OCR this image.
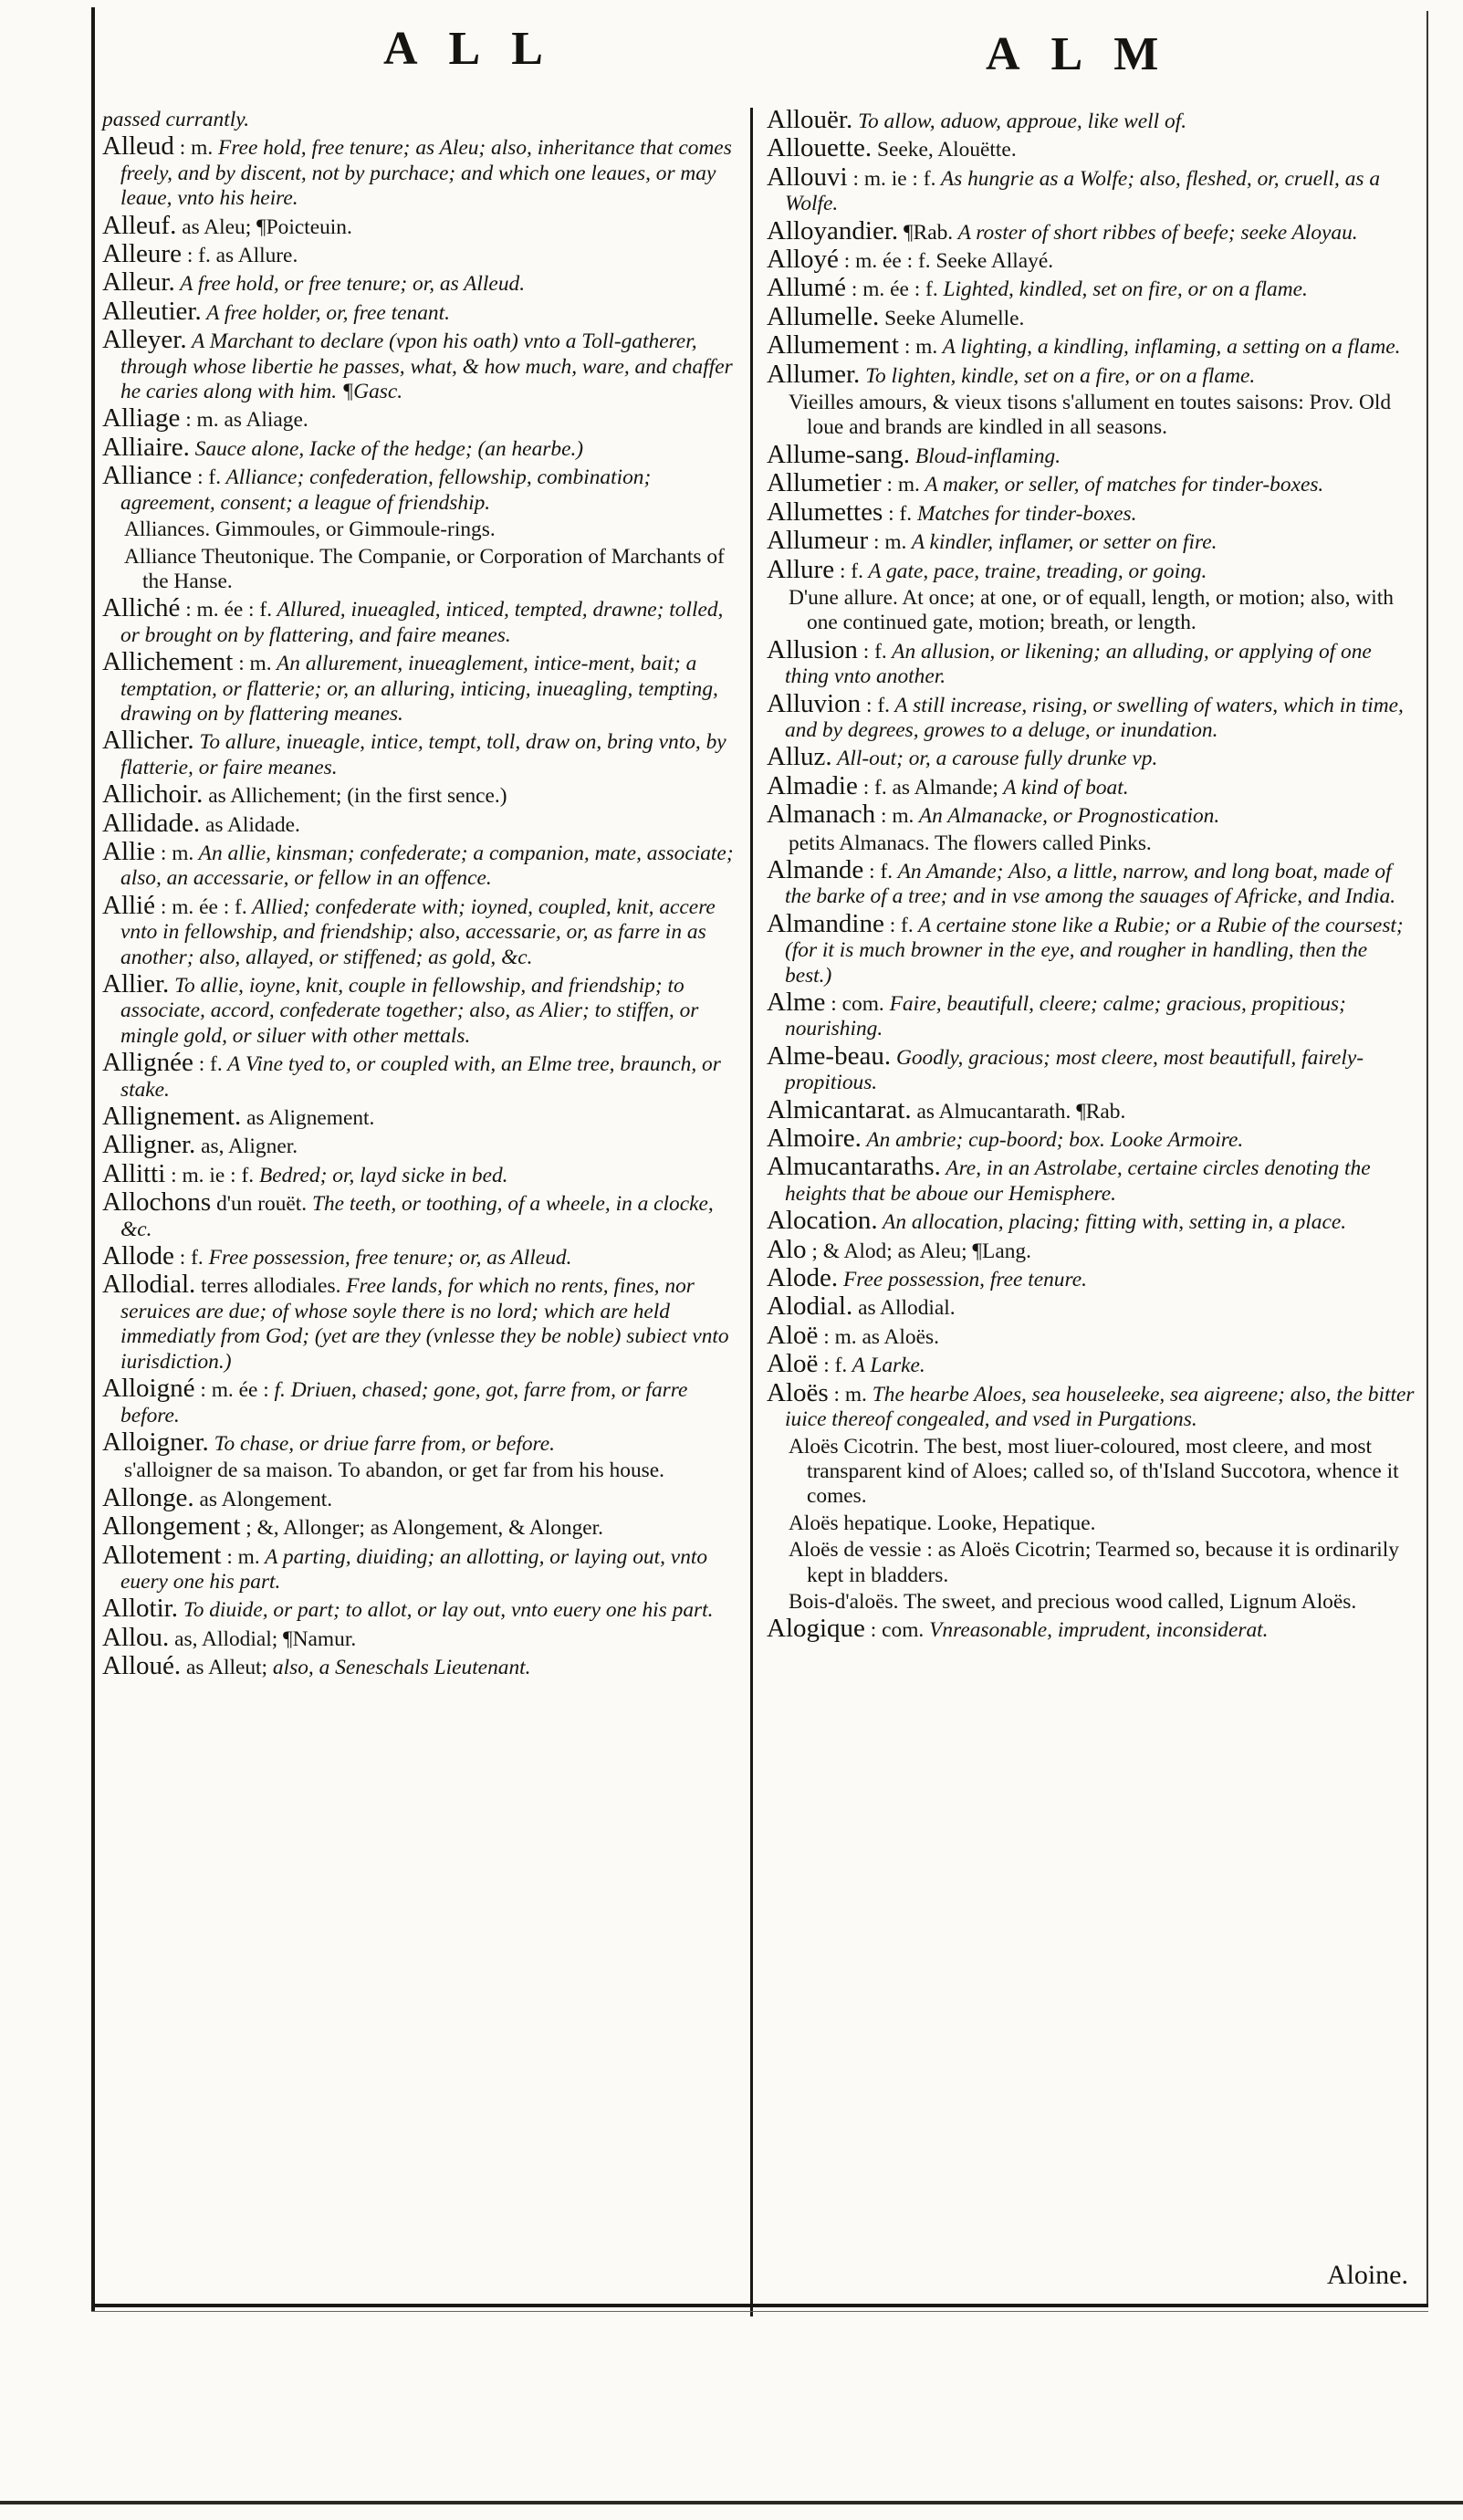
ALL	ALM
passed currantly.
Alleud : m. Free hold, free tenure; as Aleu; also, inheritance that comes freely, and by discent, not by purchace; and which one leaues, or may leaue, vnto his heire.
Alleuf. as Aleu; ¶Poicteuin.
Alleure : f. as Allure.
Alleur. A free hold, or free tenure; or, as Alleud.
Alleutier. A free holder, or, free tenant.
Alleyer. A Marchant to declare (vpon his oath) vnto a Toll-gatherer, through whose libertie he passes, what, & how much, ware, and chaffer he caries along with him. ¶Gasc.
Alliage : m. as Aliage.
Alliaire. Sauce alone, Iacke of the hedge; (an hearbe.)
Alliance : f. Alliance; confederation, fellowship, combination; agreement, consent; a league of friendship.
Alliances. Gimmoules, or Gimmoule-rings.
Alliance Theutonique. The Companie, or Corporation of Marchants of the Hanse.
Alliché : m. ée : f. Allured, inueagled, inticed, tempted, drawne; tolled, or brought on by flattering, and faire meanes.
Allichement : m. An allurement, inueaglement, intice-ment, bait; a temptation, or flatterie; or, an alluring, inticing, inueagling, tempting, drawing on by flattering meanes.
Allicher. To allure, inueagle, intice, tempt, toll, draw on, bring vnto, by flatterie, or faire meanes.
Allichoir. as Allichement; (in the first sence.)
Allidade. as Alidade.
Allie : m. An allie, kinsman; confederate; a companion, mate, associate; also, an accessarie, or fellow in an offence.
Allié : m. ée : f. Allied; confederate with; ioyned, coupled, knit, accere vnto in fellowship, and friendship; also, accessarie, or, as farre in as another; also, allayed, or stiffened; as gold, &c.
Allier. To allie, ioyne, knit, couple in fellowship, and friendship; to associate, accord, confederate together; also, as Alier; to stiffen, or mingle gold, or siluer with other mettals.
Allignée : f. A Vine tyed to, or coupled with, an Elme tree, braunch, or stake.
Allignement. as Alignement.
Alligner. as, Aligner.
Allitti : m. ie : f. Bedred; or, layd sicke in bed.
Allochons d'un rouët. The teeth, or toothing, of a wheele, in a clocke, &c.
Allode : f. Free possession, free tenure; or, as Alleud.
Allodial. terres allodiales. Free lands, for which no rents, fines, nor seruices are due; of whose soyle there is no lord; which are held immediatly from God; (yet are they (vnlesse they be noble) subiect vnto iurisdiction.)
Alloigné : m. ée : f. Driuen, chased; gone, got, farre from, or farre before.
Alloigner. To chase, or driue farre from, or before.
s'alloigner de sa maison. To abandon, or get far from his house.
Allonge. as Alongement.
Allongement ; &, Allonger; as Alongement, & Alonger.
Allotement : m. A parting, diuiding; an allotting, or laying out, vnto euery one his part.
Allotir. To diuide, or part; to allot, or lay out, vnto euery one his part.
Allou. as, Allodial; ¶Namur.
Alloué. as Alleut; also, a Seneschals Lieutenant.
Allouër. To allow, aduow, approue, like well of.
Allouette. Seeke, Alouëtte.
Allouvi : m. ie : f. As hungrie as a Wolfe; also, fleshed, or, cruell, as a Wolfe.
Alloyandier. ¶Rab. A roster of short ribbes of beefe; seeke Aloyau.
Alloyé : m. ée : f. Seeke Allayé.
Allumé : m. ée : f. Lighted, kindled, set on fire, or on a flame.
Allumelle. Seeke Alumelle.
Allumement : m. A lighting, a kindling, inflaming, a setting on a flame.
Allumer. To lighten, kindle, set on a fire, or on a flame.
Vieilles amours, & vieux tisons s'allument en toutes saisons: Prov. Old loue and brands are kindled in all seasons.
Allume-sang. Bloud-inflaming.
Allumetier : m. A maker, or seller, of matches for tinder-boxes.
Allumettes : f. Matches for tinder-boxes.
Allumeur : m. A kindler, inflamer, or setter on fire.
Allure : f. A gate, pace, traine, treading, or going.
D'une allure. At once; at one, or of equall, length, or motion; also, with one continued gate, motion; breath, or length.
Allusion : f. An allusion, or likening; an alluding, or applying of one thing vnto another.
Alluvion : f. A still increase, rising, or swelling of waters, which in time, and by degrees, growes to a deluge, or inundation.
Alluz. All-out; or, a carouse fully drunke vp.
Almadie : f. as Almande; A kind of boat.
Almanach : m. An Almanacke, or Prognostication.
petits Almanacs. The flowers called Pinks.
Almande : f. An Amande; Also, a little, narrow, and long boat, made of the barke of a tree; and in vse among the sauages of Africke, and India.
Almandine : f. A certaine stone like a Rubie; or a Rubie of the coursest; (for it is much browner in the eye, and rougher in handling, then the best.)
Alme : com. Faire, beautifull, cleere; calme; gracious, propitious; nourishing.
Alme-beau. Goodly, gracious; most cleere, most beautifull, fairely-propitious.
Almicantarat. as Almucantarath. ¶Rab.
Almoire. An ambrie; cup-boord; box. Looke Armoire.
Almucantaraths. Are, in an Astrolabe, certaine circles denoting the heights that be aboue our Hemisphere.
Alocation. An allocation, placing; fitting with, setting in, a place.
Alo ; & Alod; as Aleu; ¶Lang.
Alode. Free possession, free tenure.
Alodial. as Allodial.
Aloë : m. as Aloës.
Aloë : f. A Larke.
Aloës : m. The hearbe Aloes, sea houseleeke, sea aigreene; also, the bitter iuice thereof congealed, and vsed in Purgations.
Aloës Cicotrin. The best, most liuer-coloured, most cleere, and most transparent kind of Aloes; called so, of th'Island Succotora, whence it comes.
Aloës hepatique. Looke, Hepatique.
Aloës de vessie : as Aloës Cicotrin; Tearmed so, because it is ordinarily kept in bladders.
Bois-d'aloës. The sweet, and precious wood called, Lignum Aloës.
Alogique : com. Vnreasonable, imprudent, inconsiderat.
Aloine.
